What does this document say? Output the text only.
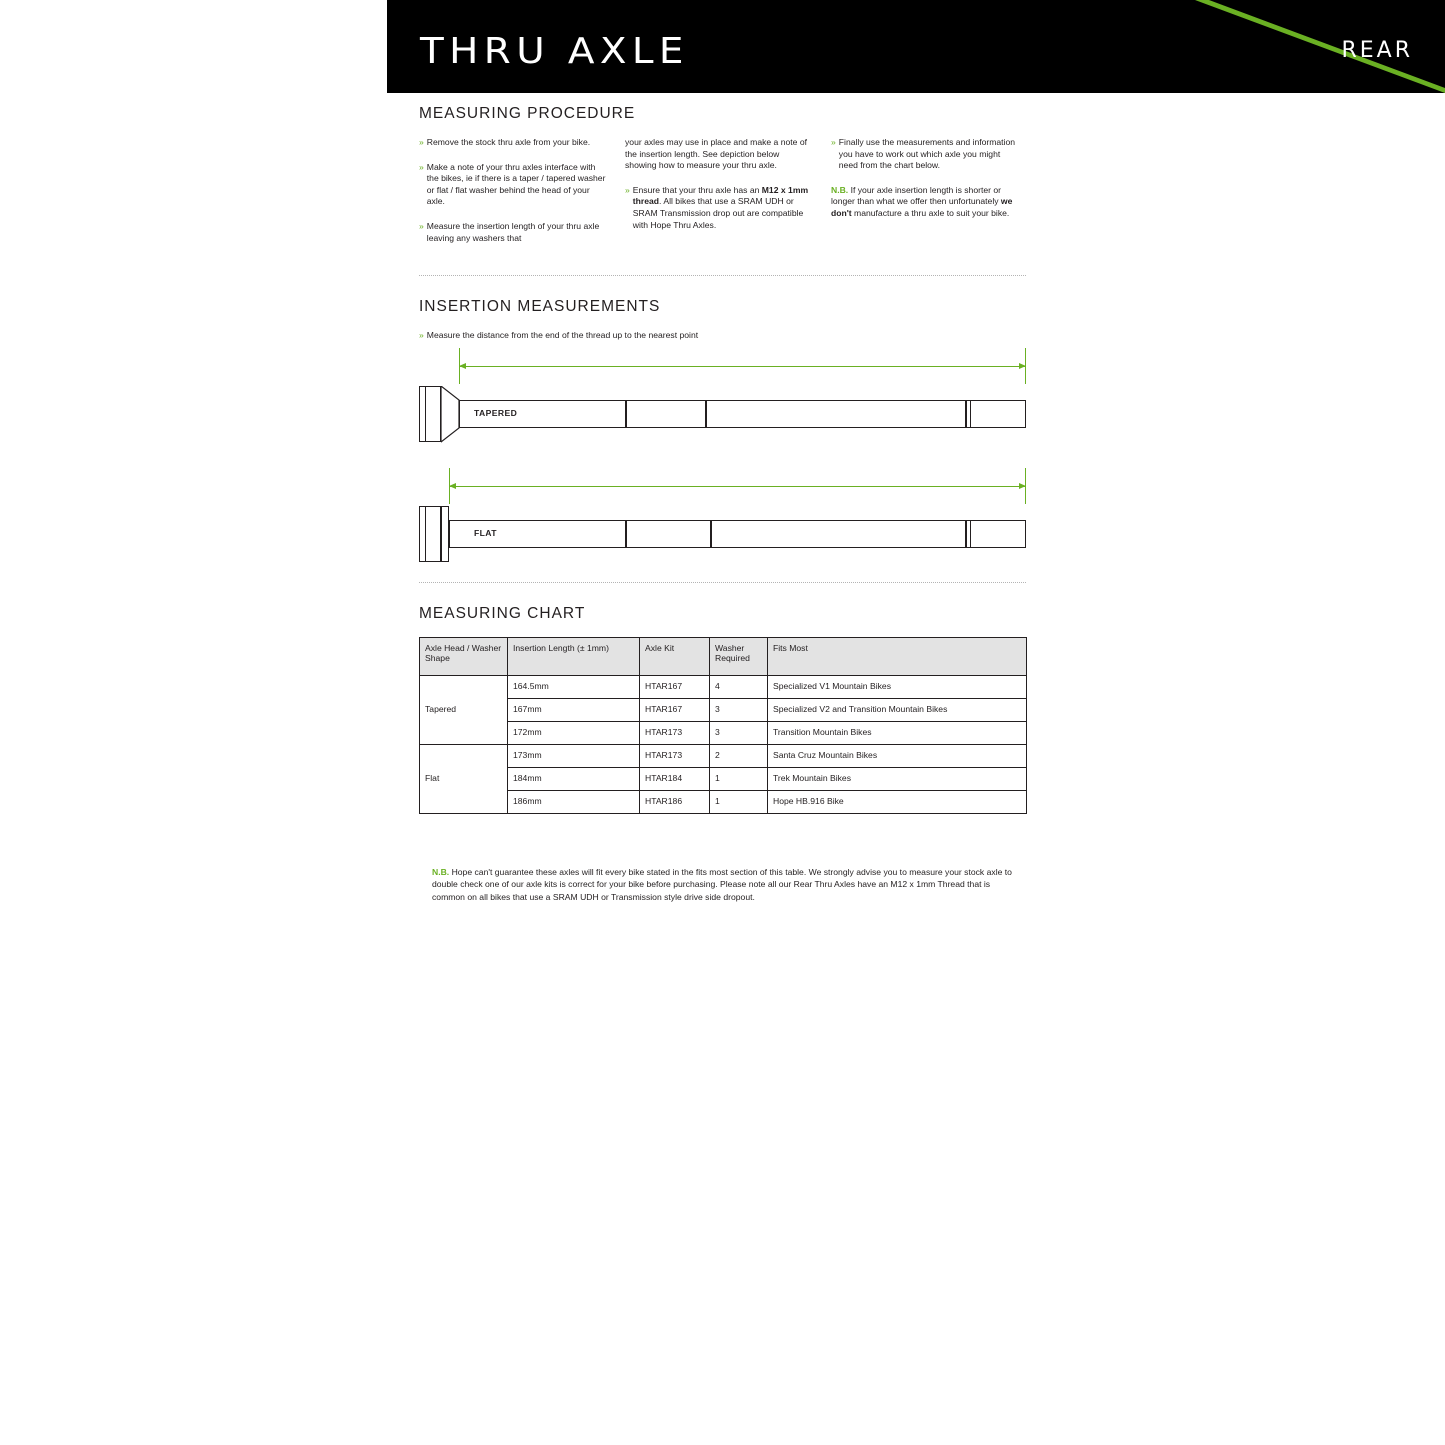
THRU AXLE	REAR
MEASURING PROCEDURE
» Remove the stock thru axle from your bike.
» Make a note of your thru axles interface with the bikes, ie if there is a taper / tapered washer or flat / flat washer behind the head of your axle.
» Measure the insertion length of your thru axle leaving any washers that
your axles may use in place and make a note of the insertion length. See depiction below showing how to measure your thru axle.
» Ensure that your thru axle has an M12 x 1mm thread. All bikes that use a SRAM UDH or SRAM Transmission drop out are compatible with Hope Thru Axles.
» Finally use the measurements and information you have to work out which axle you might need from the chart below.
N.B. If your axle insertion length is shorter or longer than what we offer then unfortunately we don't manufacture a thru axle to suit your bike.
INSERTION MEASUREMENTS
» Measure the distance from the end of the thread up to the nearest point
TAPERED
FLAT
MEASURING CHART
Axle Head / Washer Shape	Insertion Length (± 1mm)	Axle Kit	Washer Required	Fits Most
Tapered	164.5mm	HTAR167	4	Specialized V1 Mountain Bikes
	167mm	HTAR167	3	Specialized V2 and Transition Mountain Bikes
	172mm	HTAR173	3	Transition Mountain Bikes
Flat	173mm	HTAR173	2	Santa Cruz Mountain Bikes
	184mm	HTAR184	1	Trek Mountain Bikes
	186mm	HTAR186	1	Hope HB.916 Bike
N.B. Hope can't guarantee these axles will fit every bike stated in the fits most section of this table. We strongly advise you to measure your stock axle to double check one of our axle kits is correct for your bike before purchasing. Please note all our Rear Thru Axles have an M12 x 1mm Thread that is common on all bikes that use a SRAM UDH or Transmission style drive side dropout.
